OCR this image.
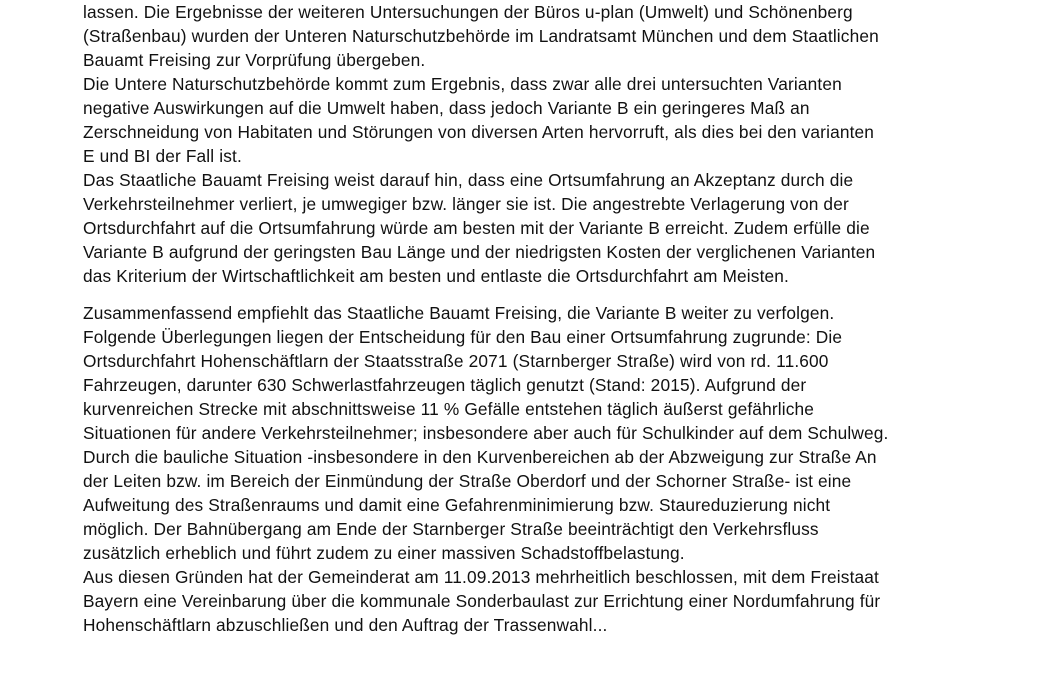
lassen. Die Ergebnisse der weiteren Untersuchungen der Büros u-plan (Umwelt) und Schönenberg
(Straßenbau) wurden der Unteren Naturschutzbehörde im Landratsamt München und dem Staatlichen
Bauamt Freising zur Vorprüfung übergeben.
Die Untere Naturschutzbehörde kommt zum Ergebnis, dass zwar alle drei untersuchten Varianten
negative Auswirkungen auf die Umwelt haben, dass jedoch Variante B ein geringeres Maß an
Zerschneidung von Habitaten und Störungen von diversen Arten hervorruft, als dies bei den varianten
E und BI der Fall ist.
Das Staatliche Bauamt Freising weist darauf hin, dass eine Ortsumfahrung an Akzeptanz durch die
Verkehrsteilnehmer verliert, je umwegiger bzw. länger sie ist. Die angestrebte Verlagerung von der
Ortsdurchfahrt auf die Ortsumfahrung würde am besten mit der Variante B erreicht. Zudem erfülle die
Variante B aufgrund der geringsten Bau Länge und der niedrigsten Kosten der verglichenen Varianten
das Kriterium der Wirtschaftlichkeit am besten und entlaste die Ortsdurchfahrt am Meisten.
Zusammenfassend empfiehlt das Staatliche Bauamt Freising, die Variante B weiter zu verfolgen.
Folgende Überlegungen liegen der Entscheidung für den Bau einer Ortsumfahrung zugrunde: Die
Ortsdurchfahrt Hohenschäftlarn der Staatsstraße 2071 (Starnberger Straße) wird von rd. 11.600
Fahrzeugen, darunter 630 Schwerlastfahrzeugen täglich genutzt (Stand: 2015). Aufgrund der
kurvenreichen Strecke mit abschnittsweise 11 % Gefälle entstehen täglich äußerst gefährliche
Situationen für andere Verkehrsteilnehmer; insbesondere aber auch für Schulkinder auf dem Schulweg.
Durch die bauliche Situation -insbesondere in den Kurvenbereichen ab der Abzweigung zur Straße An
der Leiten bzw. im Bereich der Einmündung der Straße Oberdorf und der Schorner Straße- ist eine
Aufweitung des Straßenraums und damit eine Gefahrenminimierung bzw. Staureduzierung nicht
möglich. Der Bahnübergang am Ende der Starnberger Straße beeinträchtigt den Verkehrsfluss
zusätzlich erheblich und führt zudem zu einer massiven Schadstoffbelastung.
Aus diesen Gründen hat der Gemeinderat am 11.09.2013 mehrheitlich beschlossen, mit dem Freistaat
Bayern eine Vereinbarung über die kommunale Sonderbaulast zur Errichtung einer Nordumfahrung für
Hohenschäftlarn abzuschließen und den Auftrag der Trassenwahl...
